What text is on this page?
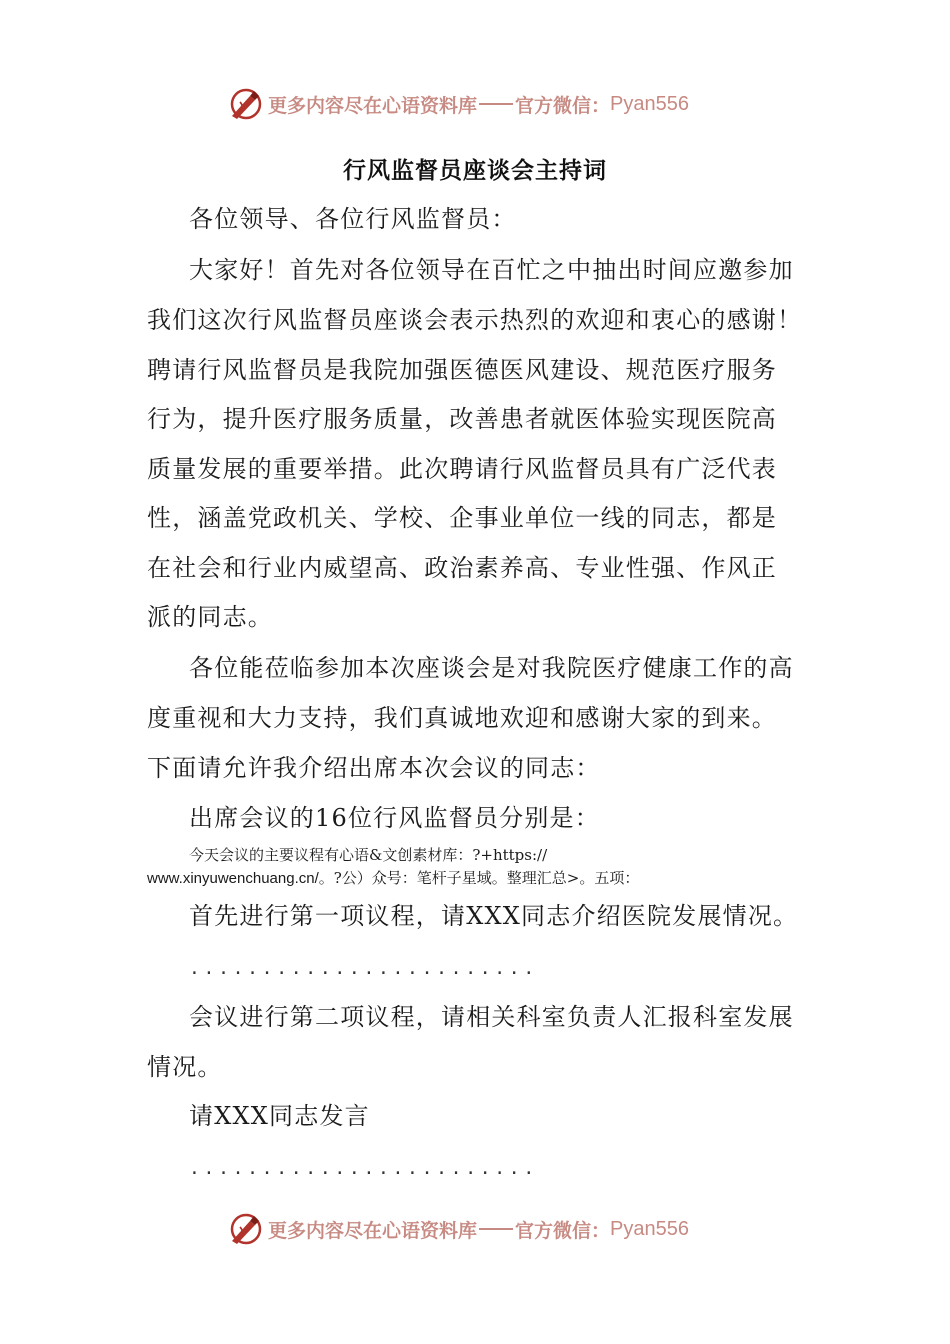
更多内容尽在心语资料库 官方微信： Pyan556
行风监督员座谈会主持词
各位领导、各位行风监督员：
大家好！首先对各位领导在百忙之中抽出时间应邀参加
我们这次行风监督员座谈会表示热烈的欢迎和衷心的感谢！
聘请行风监督员是我院加强医德医风建设、规范医疗服务
行为，提升医疗服务质量，改善患者就医体验实现医院高
质量发展的重要举措。此次聘请行风监督员具有广泛代表
性，涵盖党政机关、学校、企事业单位一线的同志，都是
在社会和行业内威望高、政治素养高、专业性强、作风正
派的同志。
各位能莅临参加本次座谈会是对我院医疗健康工作的高
度重视和大力支持，我们真诚地欢迎和感谢大家的到来。
下面请允许我介绍出席本次会议的同志：
出席会议的16位行风监督员分别是：
今天会议的主要议程有心语&文创素材库：?+https://
www.xinyuwenchuang.cn/。?公）众号：笔杆子星域。整理汇总>。五项：
首先进行第一项议程，请XXX同志介绍医院发展情况。
........................
会议进行第二项议程，请相关科室负责人汇报科室发展
情况。
请XXX同志发言
........................
更多内容尽在心语资料库 官方微信： Pyan556
